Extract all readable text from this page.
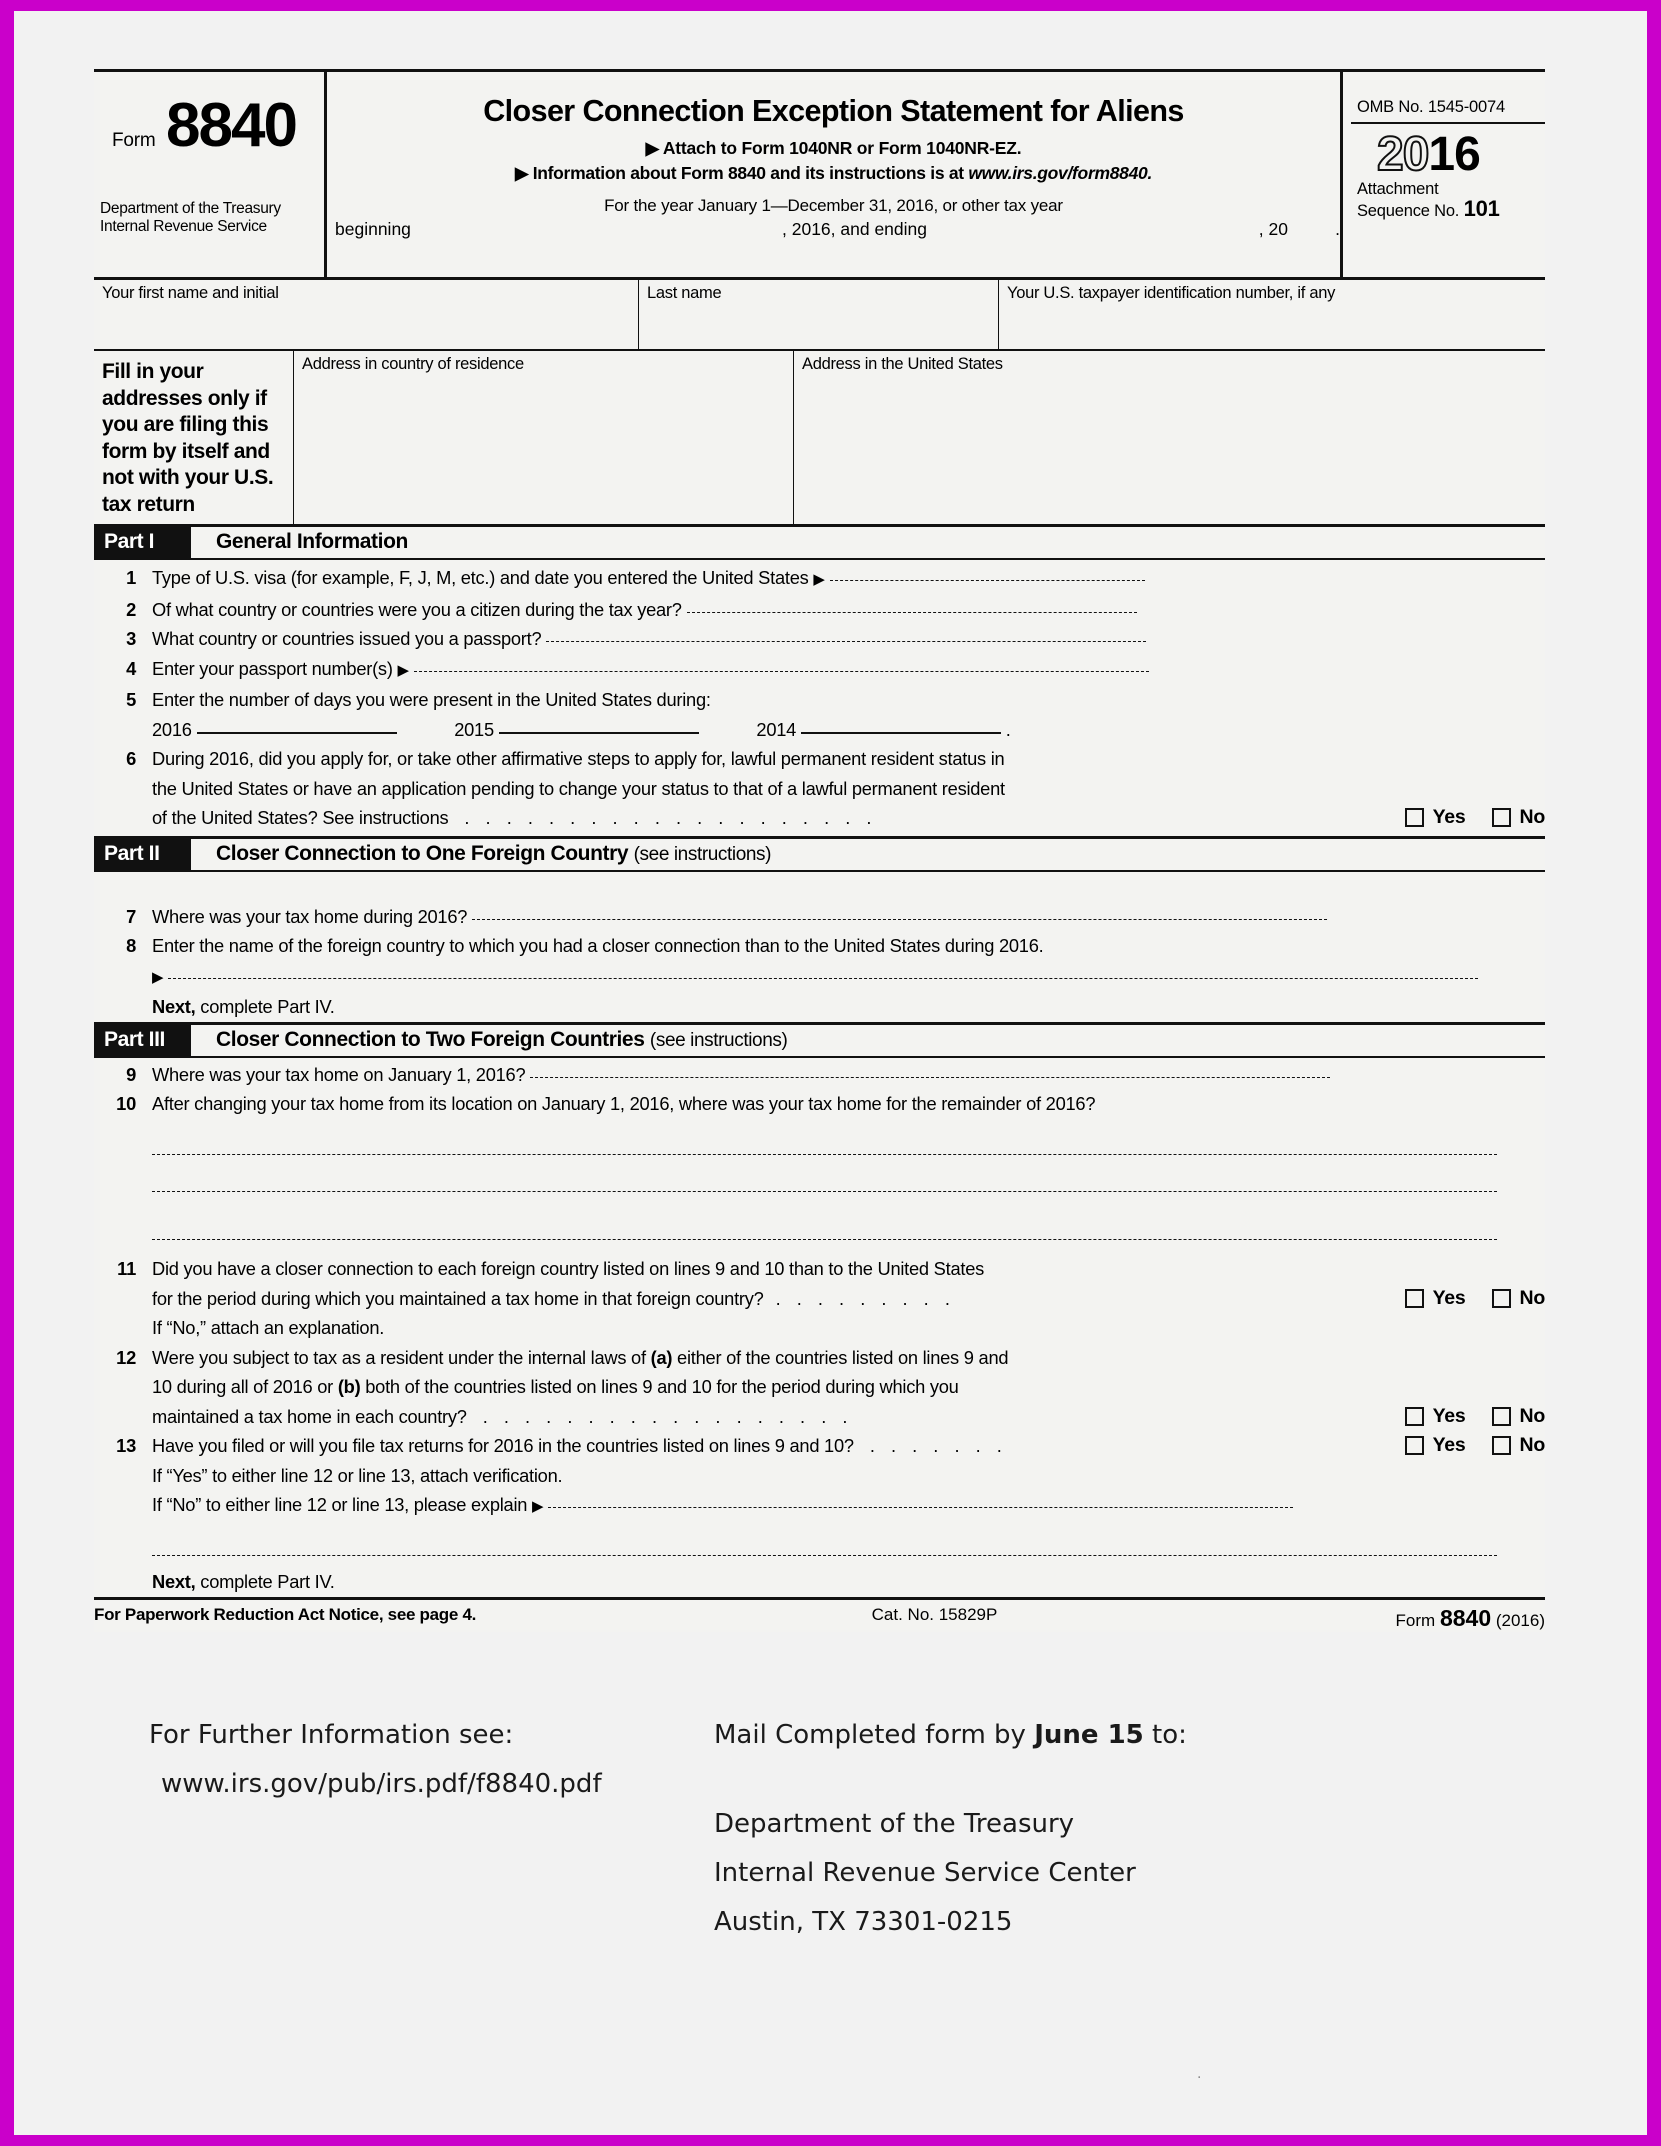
Form 8840
Department of the Treasury
Internal Revenue Service
Closer Connection Exception Statement for Aliens
▶ Attach to Form 1040NR or Form 1040NR-EZ.
▶ Information about Form 8840 and its instructions is at www.irs.gov/form8840.
For the year January 1—December 31, 2016, or other tax year
beginning	, 2016, and ending	, 20	.
OMB No. 1545-0074
2016
Attachment
Sequence No. 101
Your first name and initial	Last name	Your U.S. taxpayer identification number, if any
Fill in your addresses only if you are filing this form by itself and not with your U.S. tax return
Address in country of residence	Address in the United States
Part I	General Information
1 Type of U.S. visa (for example, F, J, M, etc.) and date you entered the United States ▶
2 Of what country or countries were you a citizen during the tax year?
3 What country or countries issued you a passport?
4 Enter your passport number(s) ▶
5 Enter the number of days you were present in the United States during:
2016	2015	2014	.
6 During 2016, did you apply for, or take other affirmative steps to apply for, lawful permanent resident status in
the United States or have an application pending to change your status to that of a lawful permanent resident
of the United States? See instructions . . . . . . . . . . . . . . . . . . . .	Yes	No
Part II	Closer Connection to One Foreign Country (see instructions)
7 Where was your tax home during 2016?
8 Enter the name of the foreign country to which you had a closer connection than to the United States during 2016.
▶
Next, complete Part IV.
Part III	Closer Connection to Two Foreign Countries (see instructions)
9 Where was your tax home on January 1, 2016?
10 After changing your tax home from its location on January 1, 2016, where was your tax home for the remainder of 2016?
11 Did you have a closer connection to each foreign country listed on lines 9 and 10 than to the United States
for the period during which you maintained a tax home in that foreign country? . . . . . . . . .	Yes	No
If “No,” attach an explanation.
12 Were you subject to tax as a resident under the internal laws of (a) either of the countries listed on lines 9 and
10 during all of 2016 or (b) both of the countries listed on lines 9 and 10 for the period during which you
maintained a tax home in each country? . . . . . . . . . . . . . . . . . .	Yes	No
13 Have you filed or will you file tax returns for 2016 in the countries listed on lines 9 and 10? . . . . . . .	Yes	No
If “Yes” to either line 12 or line 13, attach verification.
If “No” to either line 12 or line 13, please explain ▶
Next, complete Part IV.
For Paperwork Reduction Act Notice, see page 4.	Cat. No. 15829P	Form 8840 (2016)
For Further Information see:
www.irs.gov/pub/irs.pdf/f8840.pdf
Mail Completed form by June 15 to:
Department of the Treasury
Internal Revenue Service Center
Austin, TX 73301-0215
.
